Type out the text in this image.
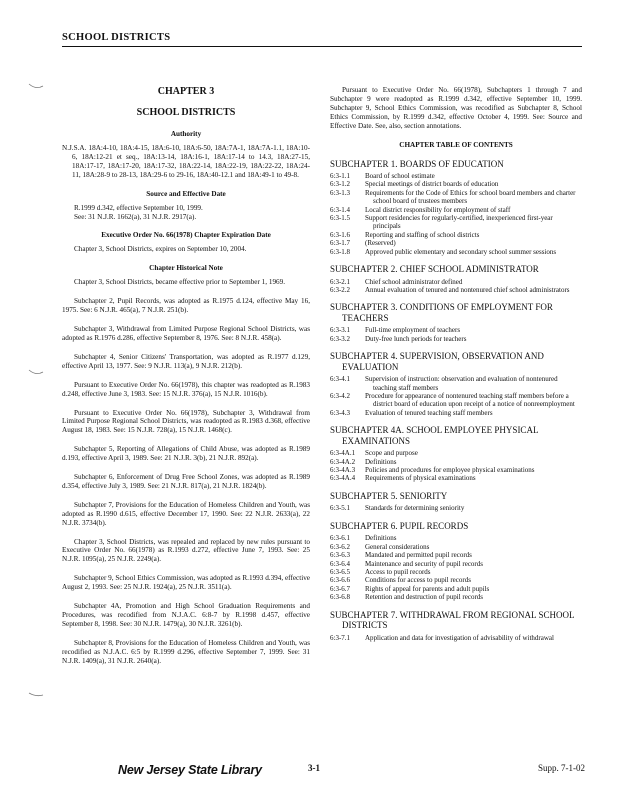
SCHOOL DISTRICTS
CHAPTER 3
SCHOOL DISTRICTS
Authority

N.J.S.A. 18A:4-10, 18A:4-15, 18A:6-10, 18A:6-50, 18A:7A-1, 18A:7A-1.1, 18A:10-6, 18A:12-21 et seq., 18A:13-14, 18A:16-1, 18A:17-14 to 14.3, 18A:27-15, 18A:17-17, 18A:17-20, 18A:17-32, 18A:22-14, 18A:22-19, 18A:22-22, 18A:24-11, 18A:28-9 to 28-13, 18A:29-6 to 29-16, 18A:40-12.1 and 18A:49-1 to 49-8.

Source and Effective Date

R.1999 d.342, effective September 10, 1999.

See: 31 N.J.R. 1662(a), 31 N.J.R. 2917(a).

Executive Order No. 66(1978) Chapter Expiration Date

Chapter 3, School Districts, expires on September 10, 2004.

Chapter Historical Note

Chapter 3, School Districts, became effective prior to September 1, 1969.

Subchapter 2, Pupil Records, was adopted as R.1975 d.124, effective May 16, 1975. See: 6 N.J.R. 465(a), 7 N.J.R. 251(b).

Subchapter 3, Withdrawal from Limited Purpose Regional School Districts, was adopted as R.1976 d.286, effective September 8, 1976. See: 8 N.J.R. 458(a).

Subchapter 4, Senior Citizens' Transportation, was adopted as R.1977 d.129, effective April 13, 1977. See: 9 N.J.R. 113(a), 9 N.J.R. 212(b).

Pursuant to Executive Order No. 66(1978), this chapter was readopted as R.1983 d.248, effective June 3, 1983. See: 15 N.J.R. 376(a), 15 N.J.R. 1016(b).

Pursuant to Executive Order No. 66(1978), Subchapter 3, Withdrawal from Limited Purpose Regional School Districts, was readopted as R.1983 d.368, effective August 18, 1983. See: 15 N.J.R. 728(a), 15 N.J.R. 1468(c).

Subchapter 5, Reporting of Allegations of Child Abuse, was adopted as R.1989 d.193, effective April 3, 1989. See: 21 N.J.R. 3(b), 21 N.J.R. 892(a).

Subchapter 6, Enforcement of Drug Free School Zones, was adopted as R.1989 d.354, effective July 3, 1989. See: 21 N.J.R. 817(a), 21 N.J.R. 1824(b).

Subchapter 7, Provisions for the Education of Homeless Children and Youth, was adopted as R.1990 d.615, effective December 17, 1990. See: 22 N.J.R. 2633(a), 22 N.J.R. 3734(b).

Chapter 3, School Districts, was repealed and replaced by new rules pursuant to Executive Order No. 66(1978) as R.1993 d.272, effective June 7, 1993. See: 25 N.J.R. 1095(a), 25 N.J.R. 2249(a).

Subchapter 9, School Ethics Commission, was adopted as R.1993 d.394, effective August 2, 1993. See: 25 N.J.R. 1924(a), 25 N.J.R. 3511(a).

Subchapter 4A, Promotion and High School Graduation Requirements and Procedures, was recodified from N.J.A.C. 6:8-7 by R.1998 d.457, effective September 8, 1998. See: 30 N.J.R. 1479(a), 30 N.J.R. 3261(b).

Subchapter 8, Provisions for the Education of Homeless Children and Youth, was recodified as N.J.A.C. 6:5 by R.1999 d.296, effective September 7, 1999. See: 31 N.J.R. 1409(a), 31 N.J.R. 2640(a).

Pursuant to Executive Order No. 66(1978), Subchapters 1 through 7 and Subchapter 9 were readopted as R.1999 d.342, effective September 10, 1999. Subchapter 9, School Ethics Commission, was recodified as Subchapter 8, School Ethics Commission, by R.1999 d.342, effective October 4, 1999. See: Source and Effective Date. See, also, section annotations.

CHAPTER TABLE OF CONTENTS
SUBCHAPTER 1. BOARDS OF EDUCATION
6:3-1.1	Board of school estimate
6:3-1.2	Special meetings of district boards of education
6:3-1.3	Requirements for the Code of Ethics for school board members and charter school board of trustees members
6:3-1.4	Local district responsibility for employment of staff
6:3-1.5	Support residencies for regularly-certified, inexperienced first-year principals
6:3-1.6	Reporting and staffing of school districts
6:3-1.7	(Reserved)
6:3-1.8	Approved public elementary and secondary school summer sessions
SUBCHAPTER 2. CHIEF SCHOOL ADMINISTRATOR
6:3-2.1	Chief school administrator defined
6:3-2.2	Annual evaluation of tenured and nontenured chief school administrators
SUBCHAPTER 3. CONDITIONS OF EMPLOYMENT FOR TEACHERS
6:3-3.1	Full-time employment of teachers
6:3-3.2	Duty-free lunch periods for teachers
SUBCHAPTER 4. SUPERVISION, OBSERVATION AND EVALUATION
6:3-4.1	Supervision of instruction: observation and evaluation of nontenured teaching staff members
6:3-4.2	Procedure for appearance of nontenured teaching staff members before a district board of education upon receipt of a notice of nonreemployment
6:3-4.3	Evaluation of tenured teaching staff members
SUBCHAPTER 4A. SCHOOL EMPLOYEE PHYSICAL EXAMINATIONS
6:3-4A.1	Scope and purpose
6:3-4A.2	Definitions
6:3-4A.3	Policies and procedures for employee physical examinations
6:3-4A.4	Requirements of physical examinations
SUBCHAPTER 5. SENIORITY
6:3-5.1	Standards for determining seniority
SUBCHAPTER 6. PUPIL RECORDS
6:3-6.1	Definitions
6:3-6.2	General considerations
6:3-6.3	Mandated and permitted pupil records
6:3-6.4	Maintenance and security of pupil records
6:3-6.5	Access to pupil records
6:3-6.6	Conditions for access to pupil records
6:3-6.7	Rights of appeal for parents and adult pupils
6:3-6.8	Retention and destruction of pupil records
SUBCHAPTER 7. WITHDRAWAL FROM REGIONAL SCHOOL DISTRICTS
6:3-7.1	Application and data for investigation of advisability of withdrawal
New Jersey State Library	3-1	Supp. 7-1-02
